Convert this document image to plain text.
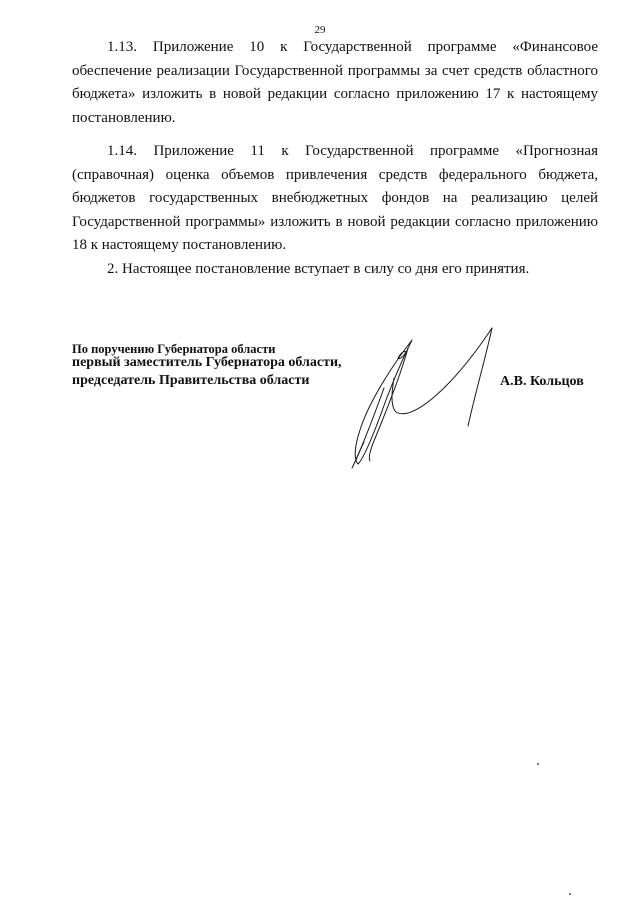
29

1.13. Приложение 10 к Государственной программе «Финансовое обеспечение реализации Государственной программы за счет средств областного бюджета» изложить в новой редакции согласно приложению 17 к настоящему постановлению.

1.14. Приложение 11 к Государственной программе «Прогнозная (справочная) оценка объемов привлечения средств федерального бюджета, бюджетов государственных внебюджетных фондов на реализацию целей Государственной программы» изложить в новой редакции согласно приложению 18 к настоящему постановлению.

2. Настоящее постановление вступает в силу со дня его принятия.

По поручению Губернатора области
первый заместитель Губернатора области,
председатель Правительства области	А.В. Кольцов
